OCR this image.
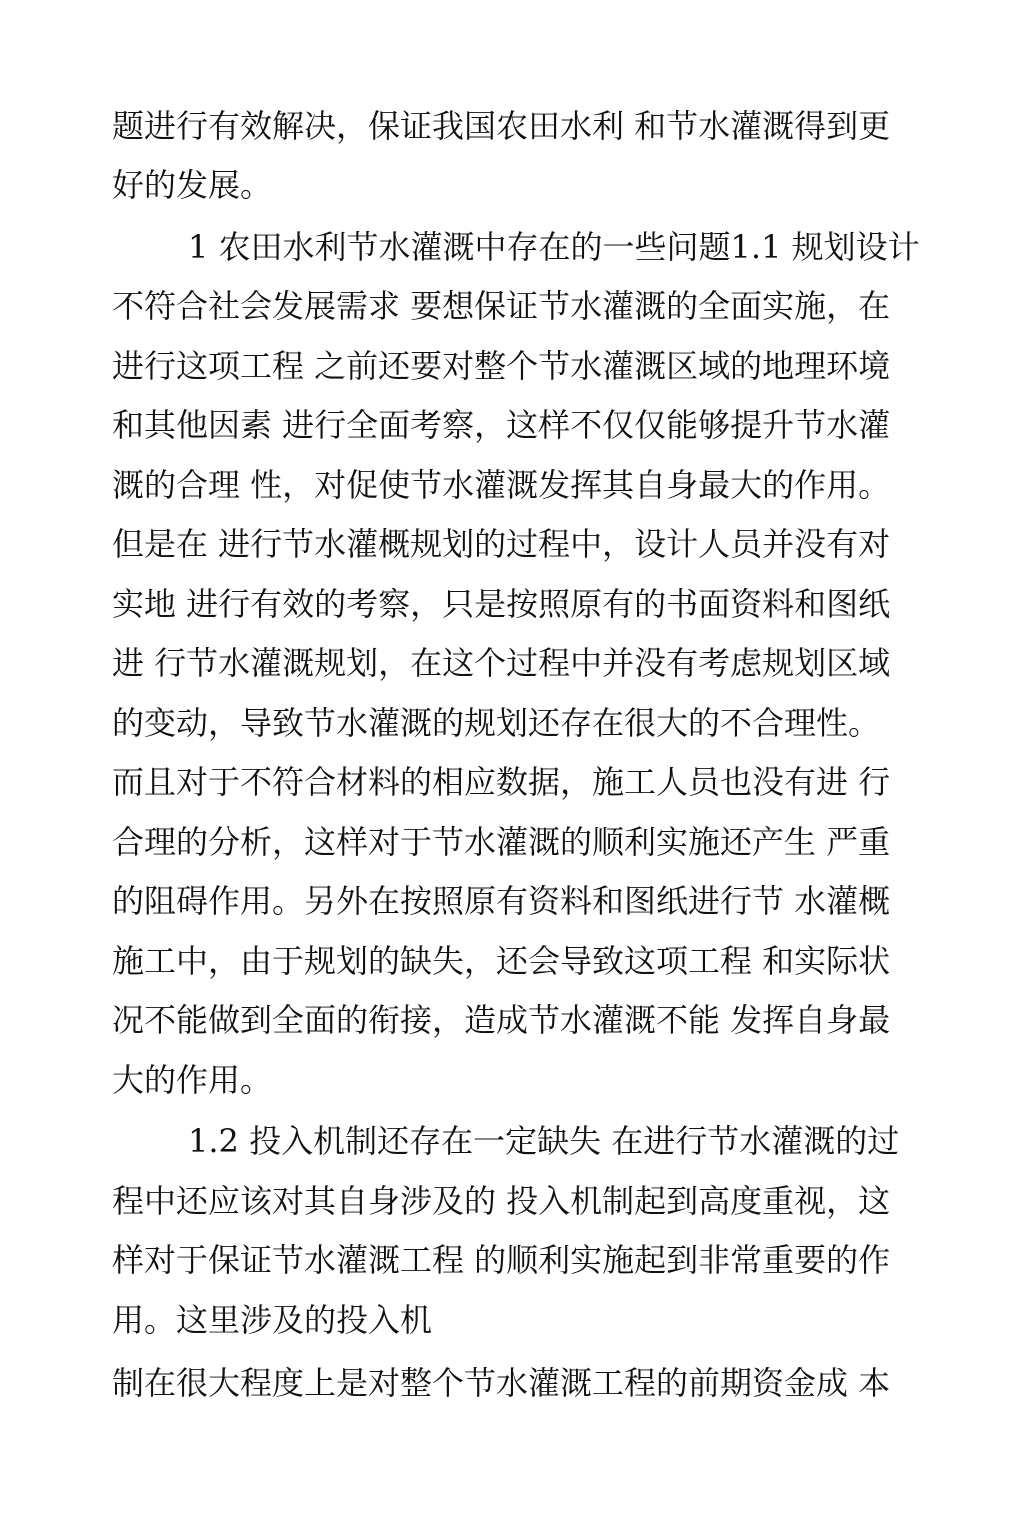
题进行有效解决，保证我国农田水利 和节水灌溉得到更
好的发展。
1 农田水利节水灌溉中存在的一些问题1.1 规划设计
不符合社会发展需求 要想保证节水灌溉的全面实施，在
进行这项工程 之前还要对整个节水灌溉区域的地理环境
和其他因素 进行全面考察，这样不仅仅能够提升节水灌
溉的合理 性，对促使节水灌溉发挥其自身最大的作用。
但是在 进行节水灌概规划的过程中，设计人员并没有对
实地 进行有效的考察，只是按照原有的书面资料和图纸
进 行节水灌溉规划，在这个过程中并没有考虑规划区域
的变动，导致节水灌溉的规划还存在很大的不合理性。
而且对于不符合材料的相应数据，施工人员也没有进 行
合理的分析，这样对于节水灌溉的顺利实施还产生 严重
的阻碍作用。另外在按照原有资料和图纸进行节 水灌概
施工中，由于规划的缺失，还会导致这项工程 和实际状
况不能做到全面的衔接，造成节水灌溉不能 发挥自身最
大的作用。
1.2 投入机制还存在一定缺失 在进行节水灌溉的过
程中还应该对其自身涉及的 投入机制起到高度重视，这
样对于保证节水灌溉工程 的顺利实施起到非常重要的作
用。这里涉及的投入机
制在很大程度上是对整个节水灌溉工程的前期资金成 本
